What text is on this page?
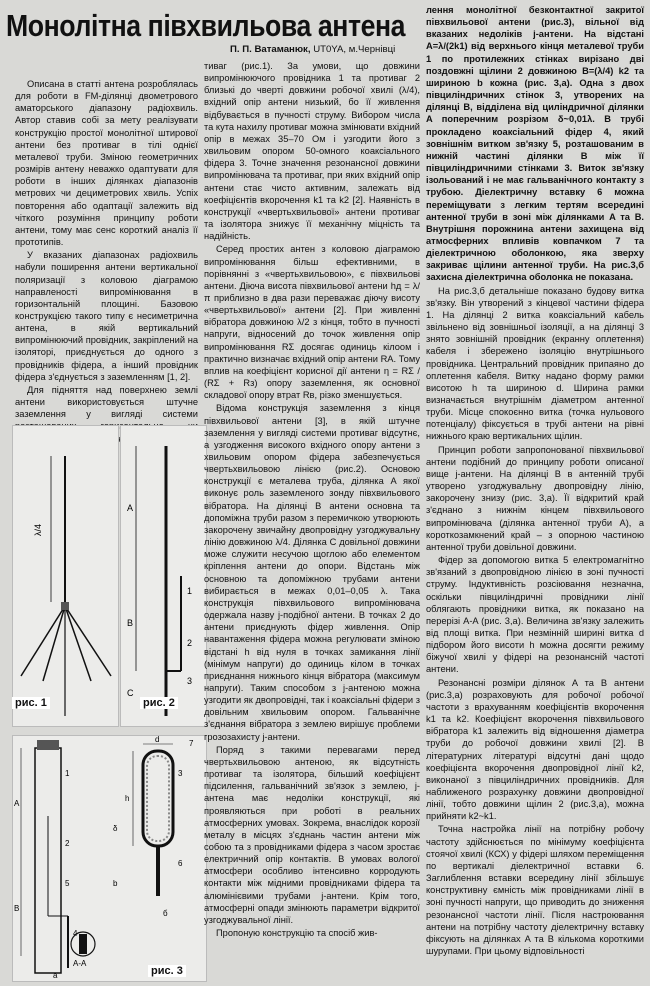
Монолітна півхвильова антена
П. П. Ватаманюк, UT0YA, м.Чернівці

Описана в статті антена розроблялась для роботи в FM-ділянці двометрового аматорського діапазону радіохвиль. Автор ставив собі за мету реалізувати конструкцію простої монолітної штирової антени без противаг в тілі однієї металевої труби. Зміною геометричних розмірів антену неважко одаптувати для роботи в інших ділянках діапазонів метрових чи дециметрових хвиль. Успіх повторення або одаптації залежить від чіткого розуміння принципу роботи антени, тому має сенс короткий аналіз її прототипів.

У вказаних діапазонах радіохвиль набули поширення антени вертикальної поляризації з коловою діаграмою направленості випромінювання в горизонтальній площині. Базовою конструкцією такого типу є несиметрична антена, в якій вертикальний випромінюючий провідник, закріплений на ізоляторі, приєднується до одного з провідників фідера, а інший провідник фідера з'єднується з заземленням [1, 2].

Для підняття над поверхнею землі антени використовується штучне заземлення у вигляді системи

λ/4
рис. 1
A
B
C
1
2
3
рис. 2
A
B
1
2
5
4
A-A
h
d
3
6
7
δ
b
а
б
рис. 3

тиваг (рис.1). За умови, що довжини випромінюючого провідника 1 та противаг 2 близькі до чверті довжини робочої хвилі (λ/4), вхідний опір антени низький, бо її живлення відбувається в пучності струму. Вибором числа та кута нахилу противаг можна змінювати вхідний опір в межах 35–70 Ом і узгодити його з хвильовим опором 50-омного коаксіального фідера 3. Точне значення резонансної довжини випромінювача та противаг, при яких вхідний опір антени стає чисто активним, залежать від коефіцієнтів вкорочення k1 та k2 [2]. Наявність в конструкції «чвертьхвильової» антени противаг та ізолятора знижує її механічну міцність та надійність.

Серед простих антен з коловою діаграмою випромінювання більш ефективними, в порівнянні з «чвертьхвильовою», є півхвильові антени. Діюча висота півхвильової антени hд = λ/π приблизно в два рази переважає діючу висоту «чвертьхвильової» антени [2]. При живленні вібратора довжиною λ/2 з кінця, тобто в пучності напруги, відносений до точок живлення опір випромінювання RΣ досягає одиниць кілоом і практично визначає вхідний опір антени RA. Тому вплив на коефіцієнт корисної дії антени η = RΣ / (RΣ + Rз) опору заземлення, як основної складової опору втрат Rв, різко зменшується.

Відома конструкція заземлення з кінця півхвильової антени [3], в якій штучне заземлення у вигляді системи противаг відсутнє, а узгодження високого вхідного опору антени з хвильовим опором фідера забезпечується чвертьхвильовою лінією (рис.2). Основою конструкції є металева труба, ділянка A якої виконує роль заземленого зонду півхвильового вібратора. На ділянці B антени основна та допоміжна труби разом з перемичкою утворюють закорочену звичайну двопровідну узгоджувальну лінію довжиною λ/4. Ділянка C довільної довжини може служити несучою щоглою або елементом кріплення антени до опори. Відстань між основною та допоміжною трубами антени вибирається в межах 0,01–0,05 λ. Така конструкція півхвильового випромінювача одержала назву j-подібної антени. В точках 2 до антени приєднують фідер живлення. Опір навантаження фідера можна регулювати зміною відстані h від нуля в точках замикання лінії (мінімум напруги) до одиниць кілом в точках приєднання нижнього кінця вібратора (максимум напруги). Таким способом з j-антеною можна узгодити як двопровідні, так і коаксіальні фідери з довільним хвильовим опором. Гальванічне з'єднання вібратора з землею вирішує проблеми грозозахисту j-антени.

Поряд з такими перевагами перед чвертьхвильовою антеною, як відсутність противаг та ізолятора, більший коефіцієнт підсилення, гальванічний зв'язок з землею, j-антена має недоліки конструкції, які проявляються при роботі в реальних атмосферних умовах. Зокрема, внаслідок корозії металу в місцях з'єднань частин антени між собою та з провідниками фідера з часом зростає електричний опір контактів. В умовах вологої атмосфери особливо інтенсивно корродують контакти між мідними провідниками фідера та алюмінієвими трубами j-антени. Крім того, атмосферні опади змінюють параметри відкритої узгоджувальної лінії.

Пропоную конструкцію та спосіб жив-

лення монолітної безконтактної закритої півхвильової антени (рис.3), вільної від вказаних недоліків j-антени. На відстані A=λ/(2k1) від верхнього кінця металевої труби 1 по протилежних стінках вирізано дві поздовжні щілини 2 довжиною B=(λ/4) k2 та шириною b кожна (рис. 3,а). Одна з двох півциліндричних стінок 3, утворених на ділянці B, відділена від циліндричної ділянки A поперечним розрізом δ~0,01λ. В трубі прокладено коаксіальний фідер 4, який зовнішнім витком зв'язку 5, розташованим в нижній частині ділянки B між її півциліндричними стінками 3. Виток зв'язку ізольований і не має гальванічного контакту з трубою. Діелектричну вставку 6 можна переміщувати з легким тертям всередині антенної труби в зоні між ділянками A та B. Внутрішня порожнина антени захищена від атмосферних впливів ковпачком 7 та діелектричною оболонкою, яка зверху закриває щілини антенної труби. На рис.3,б захисна діелектрична оболонка не показана.

На рис.3,б детальніше показано будову витка зв'язку. Він утворений з кінцевої частини фідера 1. На ділянці 2 витка коаксіальний кабель звільнено від зовнішньої ізоляції, а на ділянці 3 знято зовнішній провідник (екранну оплетення) кабеля і збережено ізоляцію внутрішнього провідника. Центральний провідник припаяно до оплетення кабеля. Витку надано форму рамки висотою h та шириною d. Ширина рамки визначається внутрішнім діаметром антенної труби. Місце спокоєнно витка (точка нульового потенціалу) фіксується в трубі антени на рівні нижнього краю вертикальних щілин.

Принцип роботи запропонованої півхвильової антени подібний до принципу роботи описаної вище j-антени. На ділянці B в антенній трубі утворено узгоджувальну двопровідну лінію, закорочену знизу (рис. 3,а). Її відкритий край з'єднано з нижнім кінцем півхвильового випромінювача (ділянка антенної труби A), а короткозамкнений край – з опорною частиною антенної труби довільної довжини.

Фідер за допомогою витка 5 електромагнітно зв'язаний з двопровідною лінією в зоні пучності струму. Індуктивність розсіювання незначна, оскільки півциліндричні провідники лінії облягають провідники витка, як показано на перерізі A-A (рис. 3,а). Величина зв'язку залежить від площі витка. При незмінній ширині витка d підбором його висоти h можна досягти режиму біжучої хвилі у фідері на резонансній частоті антени.

Резонансні розміри ділянок A та B антени (рис.3,а) розраховують для робочої робочої частоти з врахуванням коефіцієнтів вкорочення k1 та k2. Коефіцієнт вкорочення півхвильового вібратора k1 залежить від відношення діаметра труби до робочої довжини хвилі [2]. В літературних літературі відсутні дані щодо коефіцієнта вкорочення двопровідної лінії k2, виконаної з півциліндричних провідників. Для наближеного розрахунку довжини двопровідної лінії, тобто довжини щілин 2 (рис.3,а), можна прийняти k2~k1.

Точна настройка лінії на потрібну робочу частоту здійснюється по мінімуму коефіцієнта стоячої хвилі (КСХ) у фідері шляхом переміщення по вертикалі діелектричної вставки 6. Заглиблення вставки всередину лінії збільшує конструктивну ємність між провідниками лінії в зоні пучності напруги, що приводить до зниження резонансної частоти лінії. Після настроювання антени на потрібну частоту діелектричну вставку фіксують на ділянках A та B кількома короткими шурупами. При цьому відповільності
